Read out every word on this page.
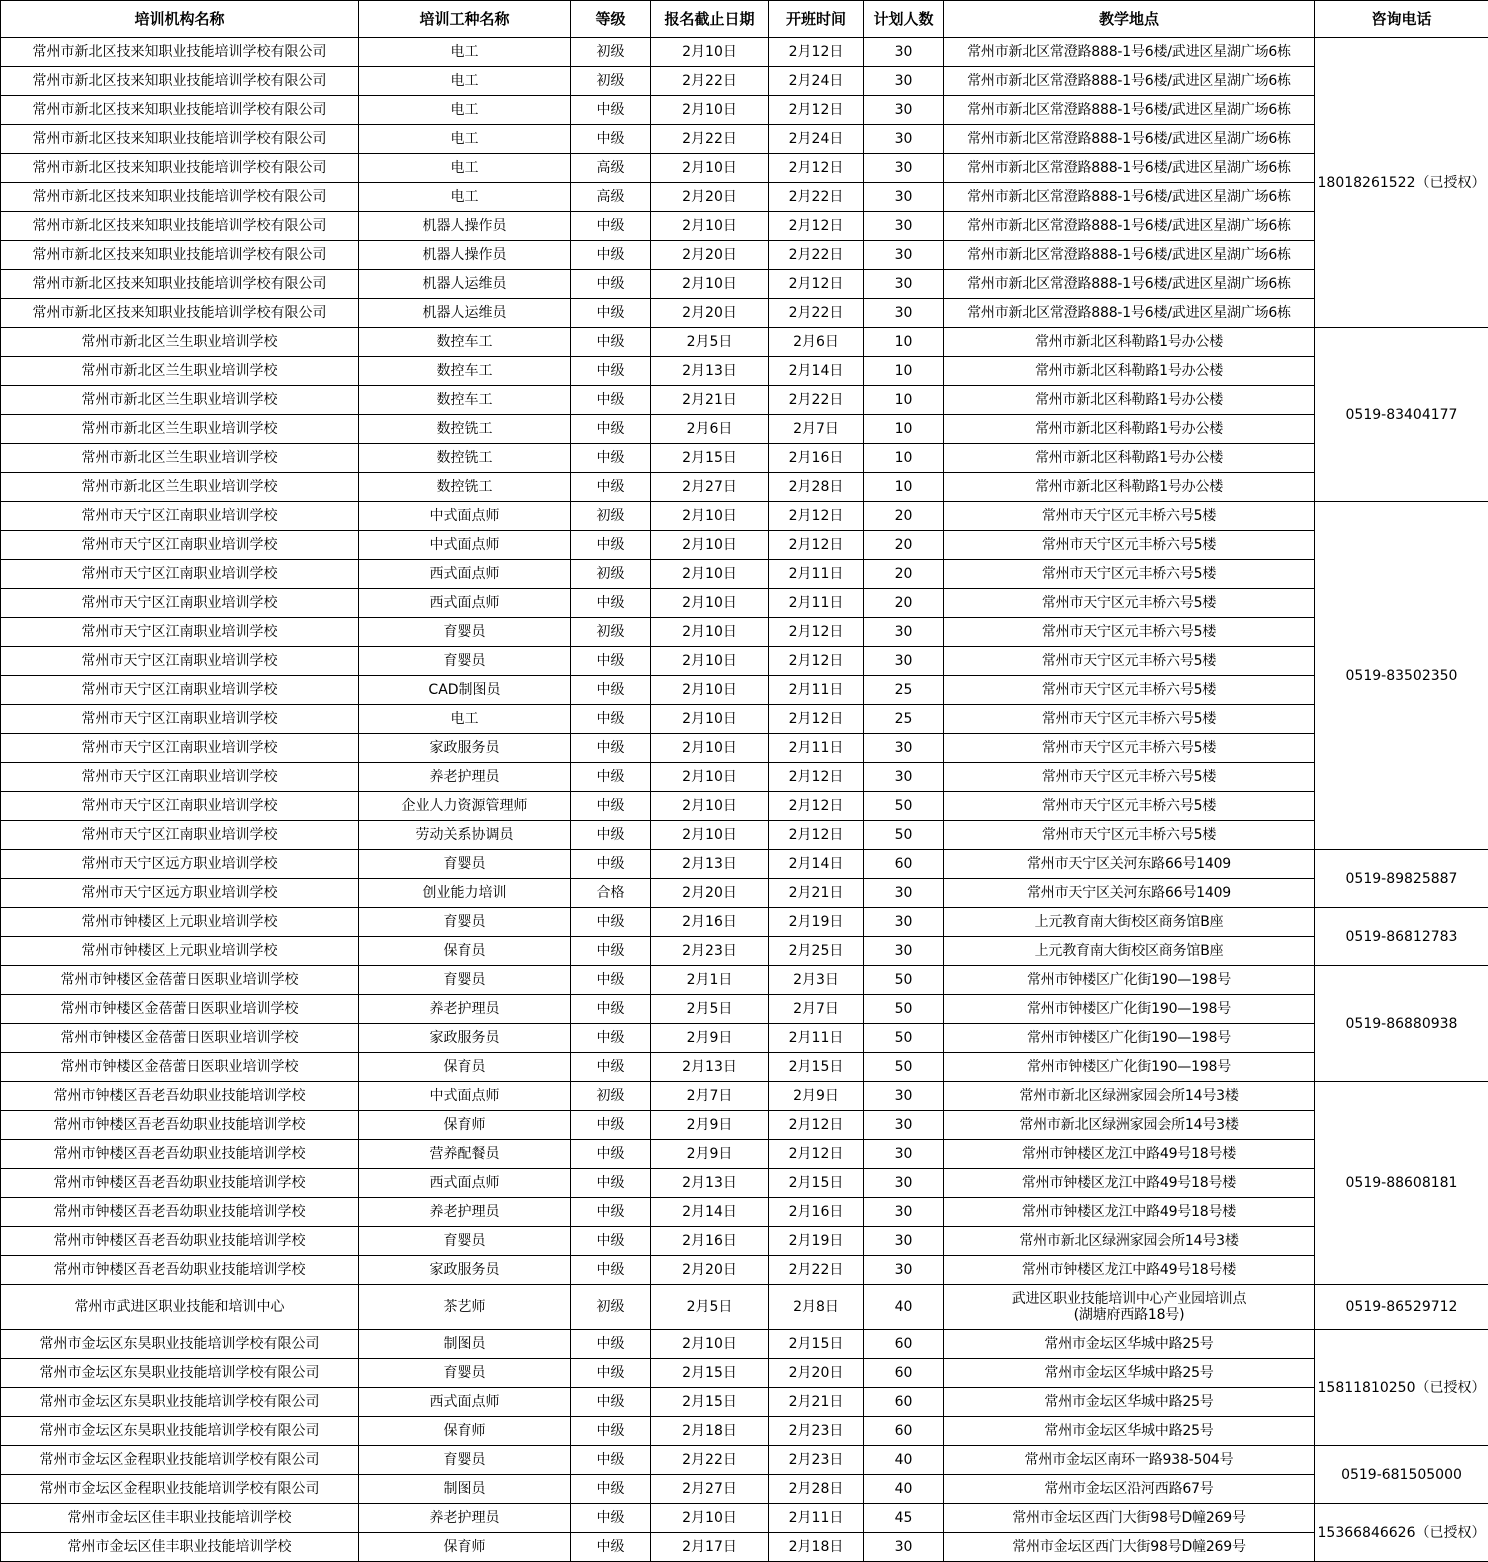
培训机构名称	培训工种名称	等级	报名截止日期	开班时间	计划人数	教学地点	咨询电话
常州市新北区技来知职业技能培训学校有限公司	电工	初级	2月10日	2月12日	30	常州市新北区常澄路888-1号6楼/武进区星湖广场6栋	18018261522（已授权）
常州市新北区技来知职业技能培训学校有限公司	电工	初级	2月22日	2月24日	30	常州市新北区常澄路888-1号6楼/武进区星湖广场6栋	
常州市新北区技来知职业技能培训学校有限公司	电工	中级	2月10日	2月12日	30	常州市新北区常澄路888-1号6楼/武进区星湖广场6栋	
常州市新北区技来知职业技能培训学校有限公司	电工	中级	2月22日	2月24日	30	常州市新北区常澄路888-1号6楼/武进区星湖广场6栋	
常州市新北区技来知职业技能培训学校有限公司	电工	高级	2月10日	2月12日	30	常州市新北区常澄路888-1号6楼/武进区星湖广场6栋	
常州市新北区技来知职业技能培训学校有限公司	电工	高级	2月20日	2月22日	30	常州市新北区常澄路888-1号6楼/武进区星湖广场6栋	
常州市新北区技来知职业技能培训学校有限公司	机器人操作员	中级	2月10日	2月12日	30	常州市新北区常澄路888-1号6楼/武进区星湖广场6栋	
常州市新北区技来知职业技能培训学校有限公司	机器人操作员	中级	2月20日	2月22日	30	常州市新北区常澄路888-1号6楼/武进区星湖广场6栋	
常州市新北区技来知职业技能培训学校有限公司	机器人运维员	中级	2月10日	2月12日	30	常州市新北区常澄路888-1号6楼/武进区星湖广场6栋	
常州市新北区技来知职业技能培训学校有限公司	机器人运维员	中级	2月20日	2月22日	30	常州市新北区常澄路888-1号6楼/武进区星湖广场6栋	
常州市新北区兰生职业培训学校	数控车工	中级	2月5日	2月6日	10	常州市新北区科勒路1号办公楼	0519-83404177
常州市新北区兰生职业培训学校	数控车工	中级	2月13日	2月14日	10	常州市新北区科勒路1号办公楼	
常州市新北区兰生职业培训学校	数控车工	中级	2月21日	2月22日	10	常州市新北区科勒路1号办公楼	
常州市新北区兰生职业培训学校	数控铣工	中级	2月6日	2月7日	10	常州市新北区科勒路1号办公楼	
常州市新北区兰生职业培训学校	数控铣工	中级	2月15日	2月16日	10	常州市新北区科勒路1号办公楼	
常州市新北区兰生职业培训学校	数控铣工	中级	2月27日	2月28日	10	常州市新北区科勒路1号办公楼	
常州市天宁区江南职业培训学校	中式面点师	初级	2月10日	2月12日	20	常州市天宁区元丰桥六号5楼	0519-83502350
常州市天宁区江南职业培训学校	中式面点师	中级	2月10日	2月12日	20	常州市天宁区元丰桥六号5楼	
常州市天宁区江南职业培训学校	西式面点师	初级	2月10日	2月11日	20	常州市天宁区元丰桥六号5楼	
常州市天宁区江南职业培训学校	西式面点师	中级	2月10日	2月11日	20	常州市天宁区元丰桥六号5楼	
常州市天宁区江南职业培训学校	育婴员	初级	2月10日	2月12日	30	常州市天宁区元丰桥六号5楼	
常州市天宁区江南职业培训学校	育婴员	中级	2月10日	2月12日	30	常州市天宁区元丰桥六号5楼	
常州市天宁区江南职业培训学校	CAD制图员	中级	2月10日	2月11日	25	常州市天宁区元丰桥六号5楼	
常州市天宁区江南职业培训学校	电工	中级	2月10日	2月12日	25	常州市天宁区元丰桥六号5楼	
常州市天宁区江南职业培训学校	家政服务员	中级	2月10日	2月11日	30	常州市天宁区元丰桥六号5楼	
常州市天宁区江南职业培训学校	养老护理员	中级	2月10日	2月12日	30	常州市天宁区元丰桥六号5楼	
常州市天宁区江南职业培训学校	企业人力资源管理师	中级	2月10日	2月12日	50	常州市天宁区元丰桥六号5楼	
常州市天宁区江南职业培训学校	劳动关系协调员	中级	2月10日	2月12日	50	常州市天宁区元丰桥六号5楼	
常州市天宁区远方职业培训学校	育婴员	中级	2月13日	2月14日	60	常州市天宁区关河东路66号1409	0519-89825887
常州市天宁区远方职业培训学校	创业能力培训	合格	2月20日	2月21日	30	常州市天宁区关河东路66号1409	
常州市钟楼区上元职业培训学校	育婴员	中级	2月16日	2月19日	30	上元教育南大街校区商务馆B座	0519-86812783
常州市钟楼区上元职业培训学校	保育员	中级	2月23日	2月25日	30	上元教育南大街校区商务馆B座	
常州市钟楼区金蓓蕾日医职业培训学校	育婴员	中级	2月1日	2月3日	50	常州市钟楼区广化街190—198号	0519-86880938
常州市钟楼区金蓓蕾日医职业培训学校	养老护理员	中级	2月5日	2月7日	50	常州市钟楼区广化街190—198号	
常州市钟楼区金蓓蕾日医职业培训学校	家政服务员	中级	2月9日	2月11日	50	常州市钟楼区广化街190—198号	
常州市钟楼区金蓓蕾日医职业培训学校	保育员	中级	2月13日	2月15日	50	常州市钟楼区广化街190—198号	
常州市钟楼区吾老吾幼职业技能培训学校	中式面点师	初级	2月7日	2月9日	30	常州市新北区绿洲家园会所14号3楼	0519-88608181
常州市钟楼区吾老吾幼职业技能培训学校	保育师	中级	2月9日	2月12日	30	常州市新北区绿洲家园会所14号3楼	
常州市钟楼区吾老吾幼职业技能培训学校	营养配餐员	中级	2月9日	2月12日	30	常州市钟楼区龙江中路49号18号楼	
常州市钟楼区吾老吾幼职业技能培训学校	西式面点师	中级	2月13日	2月15日	30	常州市钟楼区龙江中路49号18号楼	
常州市钟楼区吾老吾幼职业技能培训学校	养老护理员	中级	2月14日	2月16日	30	常州市钟楼区龙江中路49号18号楼	
常州市钟楼区吾老吾幼职业技能培训学校	育婴员	中级	2月16日	2月19日	30	常州市新北区绿洲家园会所14号3楼	
常州市钟楼区吾老吾幼职业技能培训学校	家政服务员	中级	2月20日	2月22日	30	常州市钟楼区龙江中路49号18号楼	
常州市武进区职业技能和培训中心	茶艺师	初级	2月5日	2月8日	40	武进区职业技能培训中心产业园培训点
(湖塘府西路18号)	0519-86529712
常州市金坛区东昊职业技能培训学校有限公司	制图员	中级	2月10日	2月15日	60	常州市金坛区华城中路25号	15811810250（已授权）
常州市金坛区东昊职业技能培训学校有限公司	育婴员	中级	2月15日	2月20日	60	常州市金坛区华城中路25号	
常州市金坛区东昊职业技能培训学校有限公司	西式面点师	中级	2月15日	2月21日	60	常州市金坛区华城中路25号	
常州市金坛区东昊职业技能培训学校有限公司	保育师	中级	2月18日	2月23日	60	常州市金坛区华城中路25号	
常州市金坛区金程职业技能培训学校有限公司	育婴员	中级	2月22日	2月23日	40	常州市金坛区南环一路938-504号	0519-681505000
常州市金坛区金程职业技能培训学校有限公司	制图员	中级	2月27日	2月28日	40	常州市金坛区沿河西路67号	
常州市金坛区佳丰职业技能培训学校	养老护理员	中级	2月10日	2月11日	45	常州市金坛区西门大街98号D幢269号	15366846626（已授权）
常州市金坛区佳丰职业技能培训学校	保育师	中级	2月17日	2月18日	30	常州市金坛区西门大街98号D幢269号	
